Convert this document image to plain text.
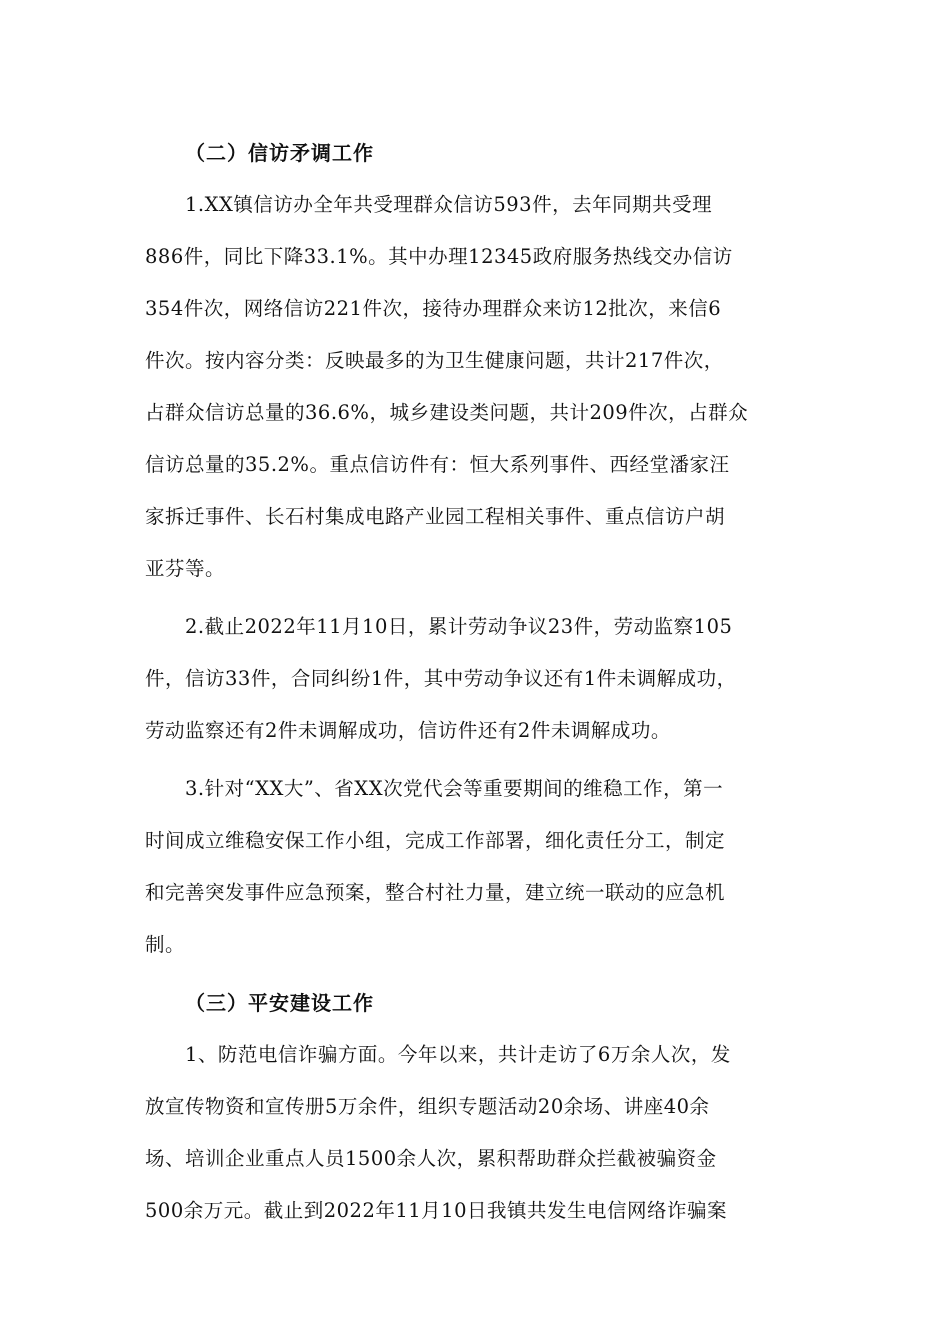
（二）信访矛调工作
1.XX镇信访办全年共受理群众信访593件，去年同期共受理
886件，同比下降33.1%。其中办理12345政府服务热线交办信访
354件次，网络信访221件次，接待办理群众来访12批次，来信6
件次。按内容分类：反映最多的为卫生健康问题，共计217件次，
占群众信访总量的36.6%，城乡建设类问题，共计209件次，占群众
信访总量的35.2%。重点信访件有：恒大系列事件、西经堂潘家汪
家拆迁事件、长石村集成电路产业园工程相关事件、重点信访户胡
亚芬等。
2.截止2022年11月10日，累计劳动争议23件，劳动监察105
件，信访33件，合同纠纷1件，其中劳动争议还有1件未调解成功，
劳动监察还有2件未调解成功，信访件还有2件未调解成功。
3.针对“XX大”、省XX次党代会等重要期间的维稳工作，第一
时间成立维稳安保工作小组，完成工作部署，细化责任分工，制定
和完善突发事件应急预案，整合村社力量，建立统一联动的应急机
制。
（三）平安建设工作
1、防范电信诈骗方面。今年以来，共计走访了6万余人次，发
放宣传物资和宣传册5万余件，组织专题活动20余场、讲座40余
场、培训企业重点人员1500余人次，累积帮助群众拦截被骗资金
500余万元。截止到2022年11月10日我镇共发生电信网络诈骗案
